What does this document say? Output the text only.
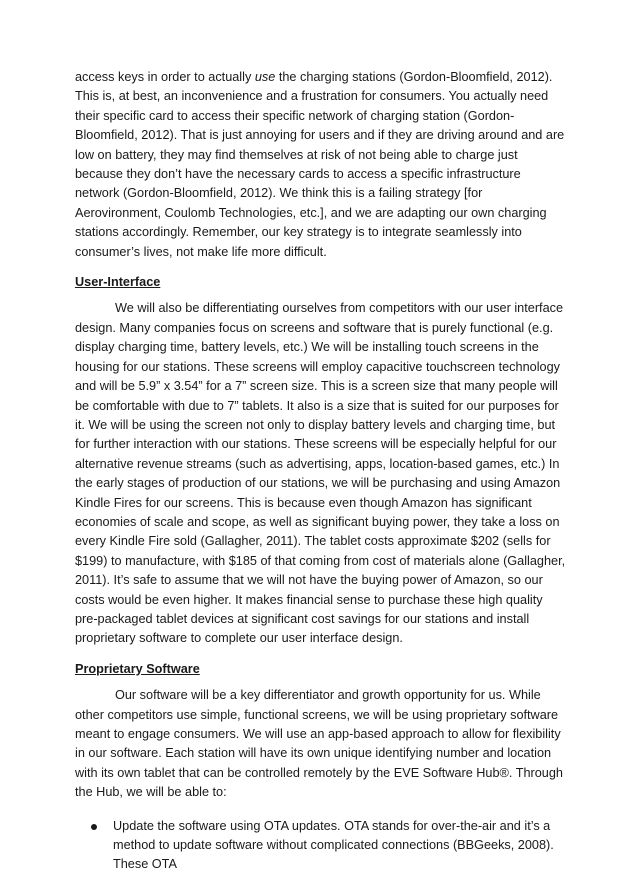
access keys in order to actually use the charging stations (Gordon-Bloomfield, 2012). This is, at best, an inconvenience and a frustration for consumers. You actually need their specific card to access their specific network of charging station (Gordon-Bloomfield, 2012). That is just annoying for users and if they are driving around and are low on battery, they may find themselves at risk of not being able to charge just because they don’t have the necessary cards to access a specific infrastructure network (Gordon-Bloomfield, 2012). We think this is a failing strategy [for Aerovironment, Coulomb Technologies, etc.], and we are adapting our own charging stations accordingly. Remember, our key strategy is to integrate seamlessly into consumer’s lives, not make life more difficult.

User-Interface

We will also be differentiating ourselves from competitors with our user interface design. Many companies focus on screens and software that is purely functional (e.g. display charging time, battery levels, etc.) We will be installing touch screens in the housing for our stations. These screens will employ capacitive touchscreen technology and will be 5.9” x 3.54” for a 7” screen size. This is a screen size that many people will be comfortable with due to 7” tablets. It also is a size that is suited for our purposes for it. We will be using the screen not only to display battery levels and charging time, but for further interaction with our stations. These screens will be especially helpful for our alternative revenue streams (such as advertising, apps, location-based games, etc.) In the early stages of production of our stations, we will be purchasing and using Amazon Kindle Fires for our screens. This is because even though Amazon has significant economies of scale and scope, as well as significant buying power, they take a loss on every Kindle Fire sold (Gallagher, 2011). The tablet costs approximate $202 (sells for $199) to manufacture, with $185 of that coming from cost of materials alone (Gallagher, 2011). It’s safe to assume that we will not have the buying power of Amazon, so our costs would be even higher. It makes financial sense to purchase these high quality pre-packaged tablet devices at significant cost savings for our stations and install proprietary software to complete our user interface design.

Proprietary Software

Our software will be a key differentiator and growth opportunity for us. While other competitors use simple, functional screens, we will be using proprietary software meant to engage consumers. We will use an app-based approach to allow for flexibility in our software. Each station will have its own unique identifying number and location with its own tablet that can be controlled remotely by the EVE Software Hub®. Through the Hub, we will be able to:

Update the software using OTA updates. OTA stands for over-the-air and it’s a method to update software without complicated connections (BBGeeks, 2008). These OTA
